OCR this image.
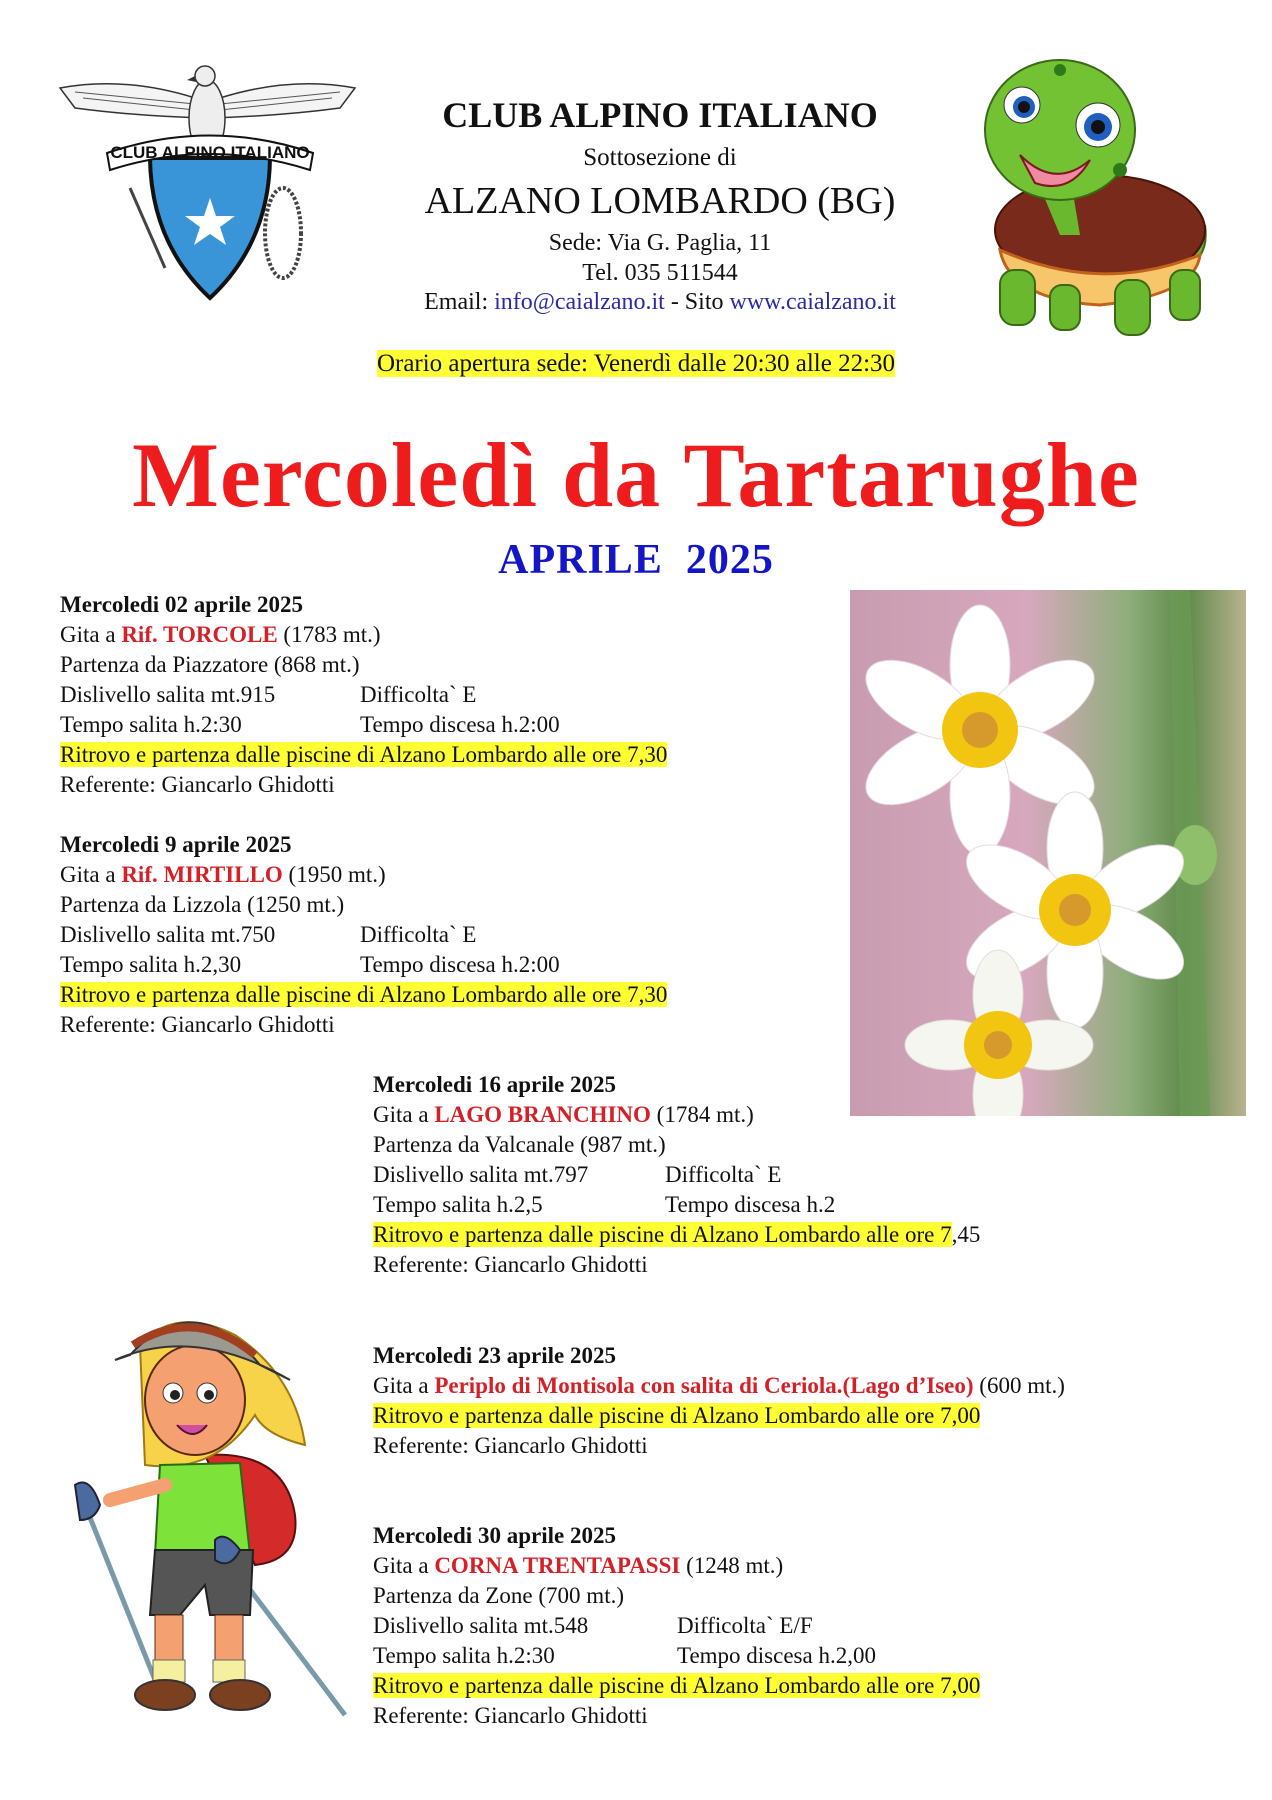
CLUB ALPINO ITALIANO
CLUB ALPINO ITALIANO
Sottosezione di
ALZANO LOMBARDO (BG)
Sede: Via G. Paglia, 11
Tel. 035 511544
Email: info@caialzano.it - Sito www.caialzano.it
Orario apertura sede: Venerdì dalle 20:30 alle 22:30
Mercoledì da Tartarughe
APRILE  2025
Mercoledi 02 aprile 2025
Gita a Rif. TORCOLE (1783 mt.)
Partenza da Piazzatore (868 mt.)
Dislivello salita mt.915	Difficolta` E
Tempo salita h.2:30	Tempo discesa h.2:00
Ritrovo e partenza dalle piscine di Alzano Lombardo alle ore 7,30
Referente: Giancarlo Ghidotti
Mercoledi 9 aprile 2025
Gita a Rif. MIRTILLO (1950 mt.)
Partenza da Lizzola (1250 mt.)
Dislivello salita mt.750	Difficolta` E
Tempo salita h.2,30	Tempo discesa h.2:00
Ritrovo e partenza dalle piscine di Alzano Lombardo alle ore 7,30
Referente: Giancarlo Ghidotti
Mercoledi 16 aprile 2025
Gita a LAGO BRANCHINO (1784 mt.)
Partenza da Valcanale (987 mt.)
Dislivello salita mt.797	Difficolta` E
Tempo salita h.2,5	Tempo discesa h.2
Ritrovo e partenza dalle piscine di Alzano Lombardo alle ore 7,45
Referente: Giancarlo Ghidotti
Mercoledi 23 aprile 2025
Gita a Periplo di Montisola con salita di Ceriola.(Lago d’Iseo) (600 mt.)
Ritrovo e partenza dalle piscine di Alzano Lombardo alle ore 7,00
Referente: Giancarlo Ghidotti
Mercoledi 30 aprile 2025
Gita a CORNA TRENTAPASSI (1248 mt.)
Partenza da Zone (700 mt.)
Dislivello salita mt.548	Difficolta` E/F
Tempo salita h.2:30	Tempo discesa h.2,00
Ritrovo e partenza dalle piscine di Alzano Lombardo alle ore 7,00
Referente: Giancarlo Ghidotti
